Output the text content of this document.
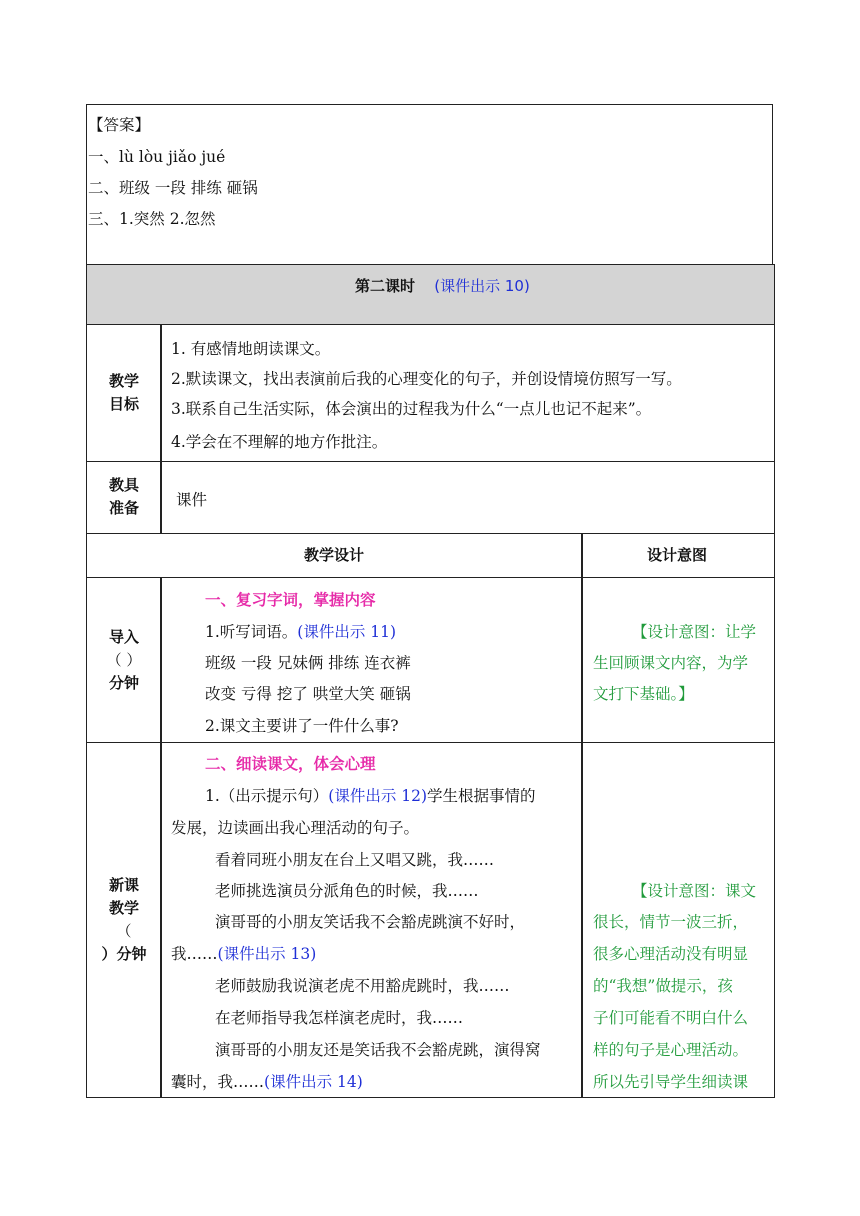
【答案】
一、lù lòu jiǎo jué
二、班级 一段 排练 砸锅
三、1.突然 2.忽然
第二课时 (课件出示 10)
教学
目标
1. 有感情地朗读课文。
2.默读课文，找出表演前后我的心理变化的句子，并创设情境仿照写一写。
3.联系自己生活实际，体会演出的过程我为什么“一点儿也记不起来”。
4.学会在不理解的地方作批注。
教具
准备	课件
教学设计	设计意图
导入
（ ）
分钟
一、复习字词，掌握内容
1.听写词语。(课件出示 11)
班级 一段 兄妹俩 排练 连衣裤
改变 亏得 挖了 哄堂大笑 砸锅
2.课文主要讲了一件什么事?
【设计意图：让学
生回顾课文内容，为学
文打下基础。】
新课
教学
（
）分钟
二、细读课文，体会心理
1.（出示提示句）(课件出示 12)学生根据事情的
发展，边读画出我心理活动的句子。
看着同班小朋友在台上又唱又跳，我……
老师挑选演员分派角色的时候，我……
演哥哥的小朋友笑话我不会豁虎跳演不好时，
我……(课件出示 13)
老师鼓励我说演老虎不用豁虎跳时，我……
在老师指导我怎样演老虎时，我……
演哥哥的小朋友还是笑话我不会豁虎跳，演得窝
囊时，我……(课件出示 14)
【设计意图：课文
很长，情节一波三折，
很多心理活动没有明显
的“我想”做提示，孩
子们可能看不明白什么
样的句子是心理活动。
所以先引导学生细读课
